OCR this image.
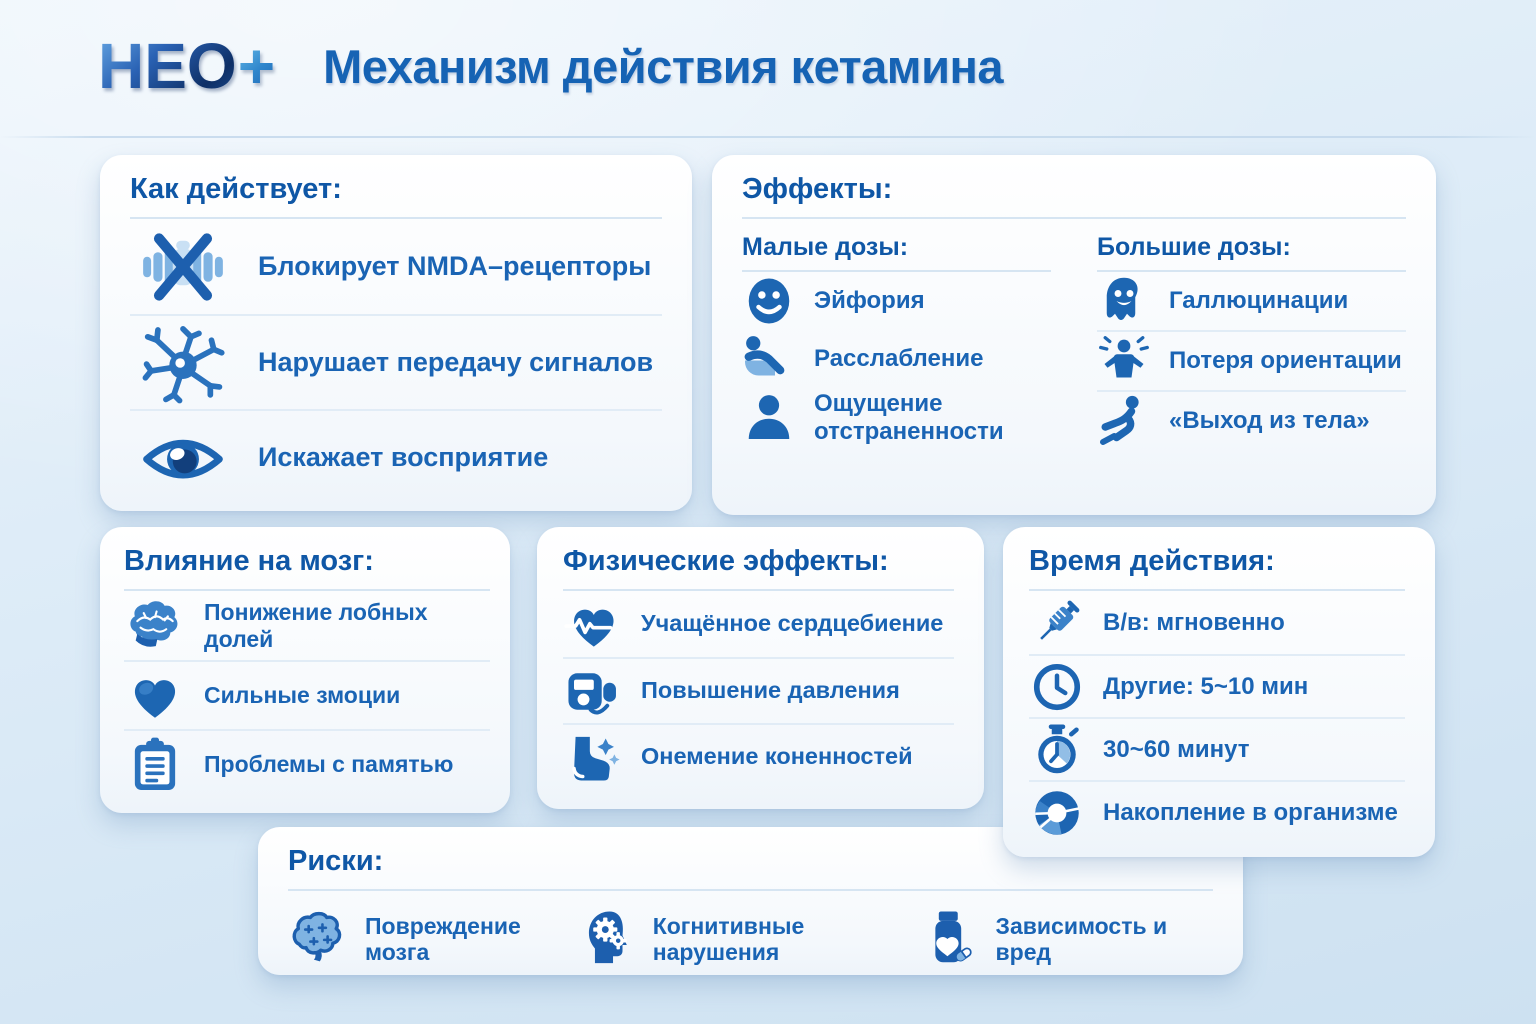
НЕО + Механизм действия кетамина
Как действует:
Блокирует NMDA–рецепторы
Нарушает передачу сигналов
Искажает восприятие
Эффекты:
Малые дозы:
Эйфория
Расслабление
Ощущение отстраненности
Большие дозы:
Галлюцинации
Потеря ориентации
«Выход из тела»
Влияние на мозг:
Понижение лобных долей
Сильные змоции
Проблемы с памятью
Физические эффекты:
Учащённое сердцебиение
Повышение давления
Онемение коненностей
Время действия:
В/в: мгновенно
Другие: 5~10 мин
30~60 минут
Накопление в организме
Риски:
Повреждение мозга
Когнитивные нарушения
Зависимость и вред
